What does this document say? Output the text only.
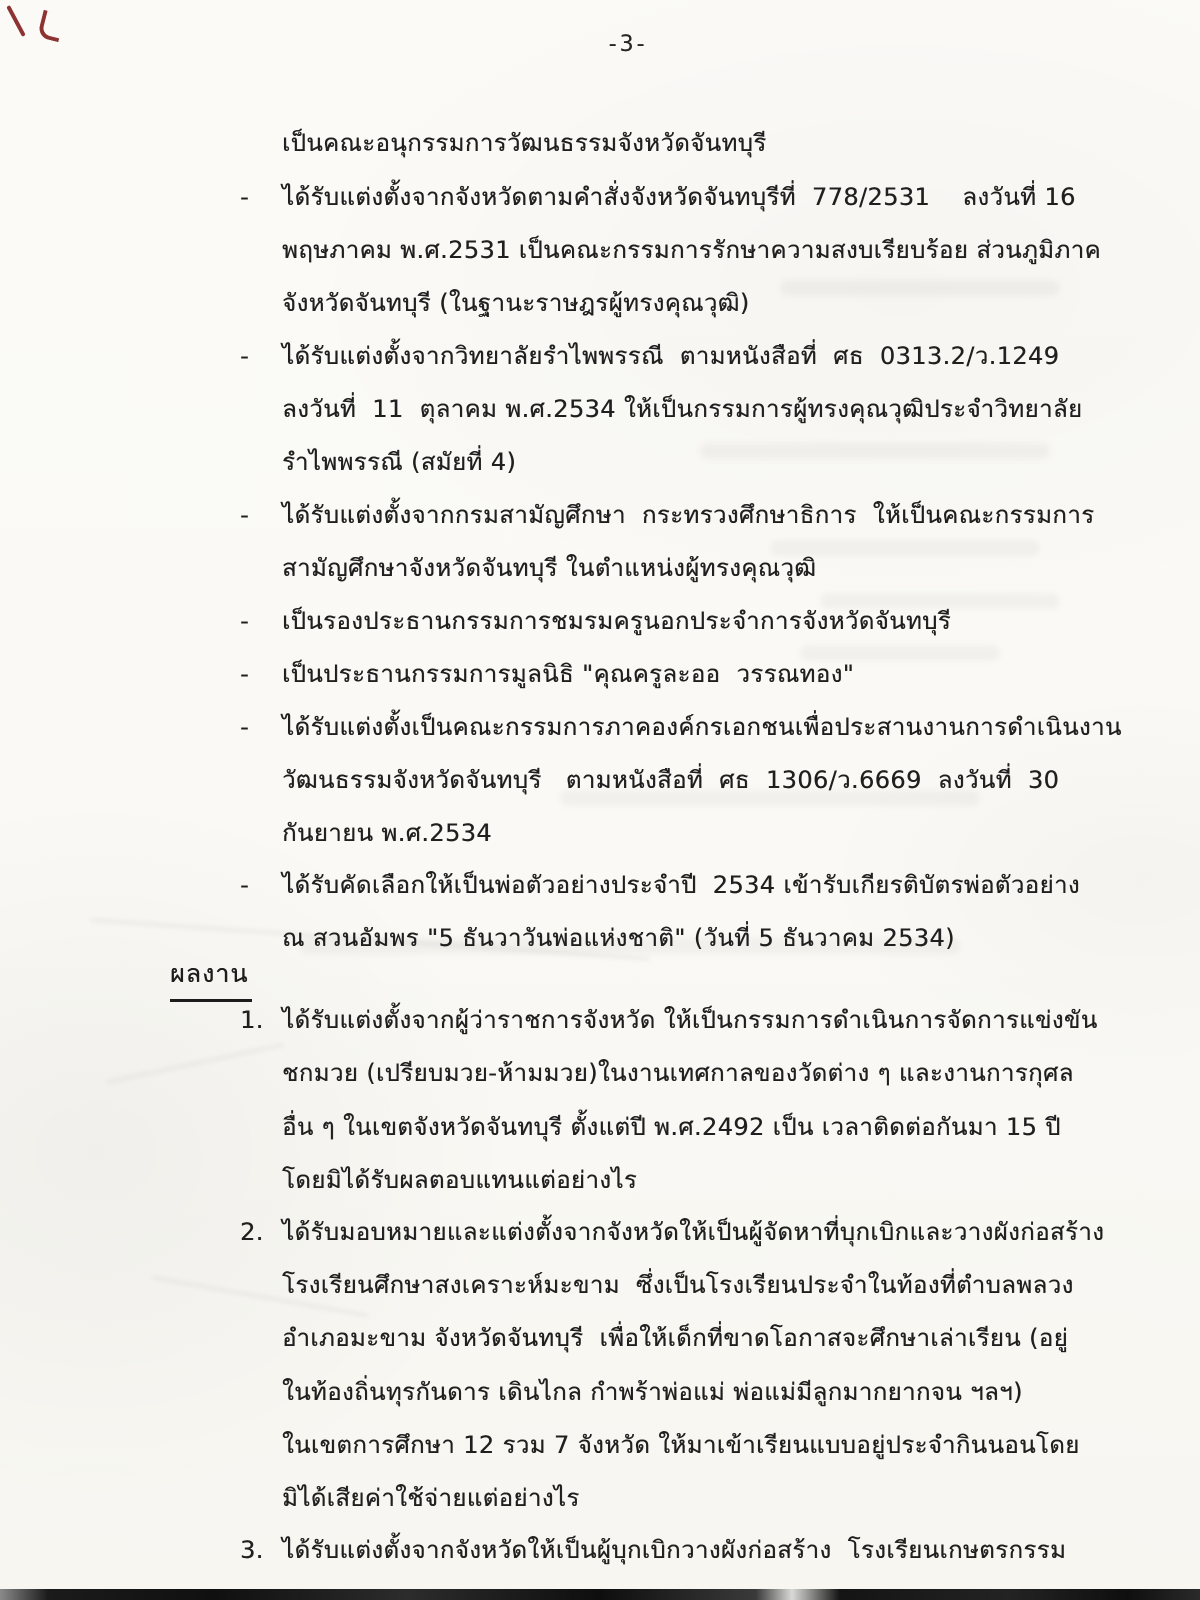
-3-
เป็นคณะอนุกรรมการวัฒนธรรมจังหวัดจันทบุรี
- ได้รับแต่งตั้งจากจังหวัดตามคำสั่งจังหวัดจันทบุรีที่  778/2531    ลงวันที่ 16
พฤษภาคม พ.ศ.2531 เป็นคณะกรรมการรักษาความสงบเรียบร้อย ส่วนภูมิภาค
จังหวัดจันทบุรี (ในฐานะราษฎรผู้ทรงคุณวุฒิ)
- ได้รับแต่งตั้งจากวิทยาลัยรำไพพรรณี  ตามหนังสือที่  ศธ  0313.2/ว.1249
ลงวันที่  11  ตุลาคม พ.ศ.2534 ให้เป็นกรรมการผู้ทรงคุณวุฒิประจำวิทยาลัย
รำไพพรรณี (สมัยที่ 4)
- ได้รับแต่งตั้งจากกรมสามัญศึกษา  กระทรวงศึกษาธิการ  ให้เป็นคณะกรรมการ
สามัญศึกษาจังหวัดจันทบุรี ในตำแหน่งผู้ทรงคุณวุฒิ
- เป็นรองประธานกรรมการชมรมครูนอกประจำการจังหวัดจันทบุรี
- เป็นประธานกรรมการมูลนิธิ "คุณครูละออ  วรรณทอง"
- ได้รับแต่งตั้งเป็นคณะกรรมการภาคองค์กรเอกชนเพื่อประสานงานการดำเนินงาน
วัฒนธรรมจังหวัดจันทบุรี   ตามหนังสือที่  ศธ  1306/ว.6669  ลงวันที่  30
กันยายน พ.ศ.2534
- ได้รับคัดเลือกให้เป็นพ่อตัวอย่างประจำปี  2534 เข้ารับเกียรติบัตรพ่อตัวอย่าง
ณ สวนอัมพร "5 ธันวาวันพ่อแห่งชาติ" (วันที่ 5 ธันวาคม 2534)
ผลงาน
1. ได้รับแต่งตั้งจากผู้ว่าราชการจังหวัด ให้เป็นกรรมการดำเนินการจัดการแข่งขัน
ชกมวย (เปรียบมวย-ห้ามมวย)ในงานเทศกาลของวัดต่าง ๆ และงานการกุศล
อื่น ๆ ในเขตจังหวัดจันทบุรี ตั้งแต่ปี พ.ศ.2492 เป็น เวลาติดต่อกันมา 15 ปี
โดยมิได้รับผลตอบแทนแต่อย่างไร
2. ได้รับมอบหมายและแต่งตั้งจากจังหวัดให้เป็นผู้จัดหาที่บุกเบิกและวางผังก่อสร้าง
โรงเรียนศึกษาสงเคราะห์มะขาม  ซึ่งเป็นโรงเรียนประจำในท้องที่ตำบลพลวง
อำเภอมะขาม จังหวัดจันทบุรี  เพื่อให้เด็กที่ขาดโอกาสจะศึกษาเล่าเรียน (อยู่
ในท้องถิ่นทุรกันดาร เดินไกล กำพร้าพ่อแม่ พ่อแม่มีลูกมากยากจน ฯลฯ)
ในเขตการศึกษา 12 รวม 7 จังหวัด ให้มาเข้าเรียนแบบอยู่ประจำกินนอนโดย
มิได้เสียค่าใช้จ่ายแต่อย่างไร
3. ได้รับแต่งตั้งจากจังหวัดให้เป็นผู้บุกเบิกวางผังก่อสร้าง  โรงเรียนเกษตรกรรม
